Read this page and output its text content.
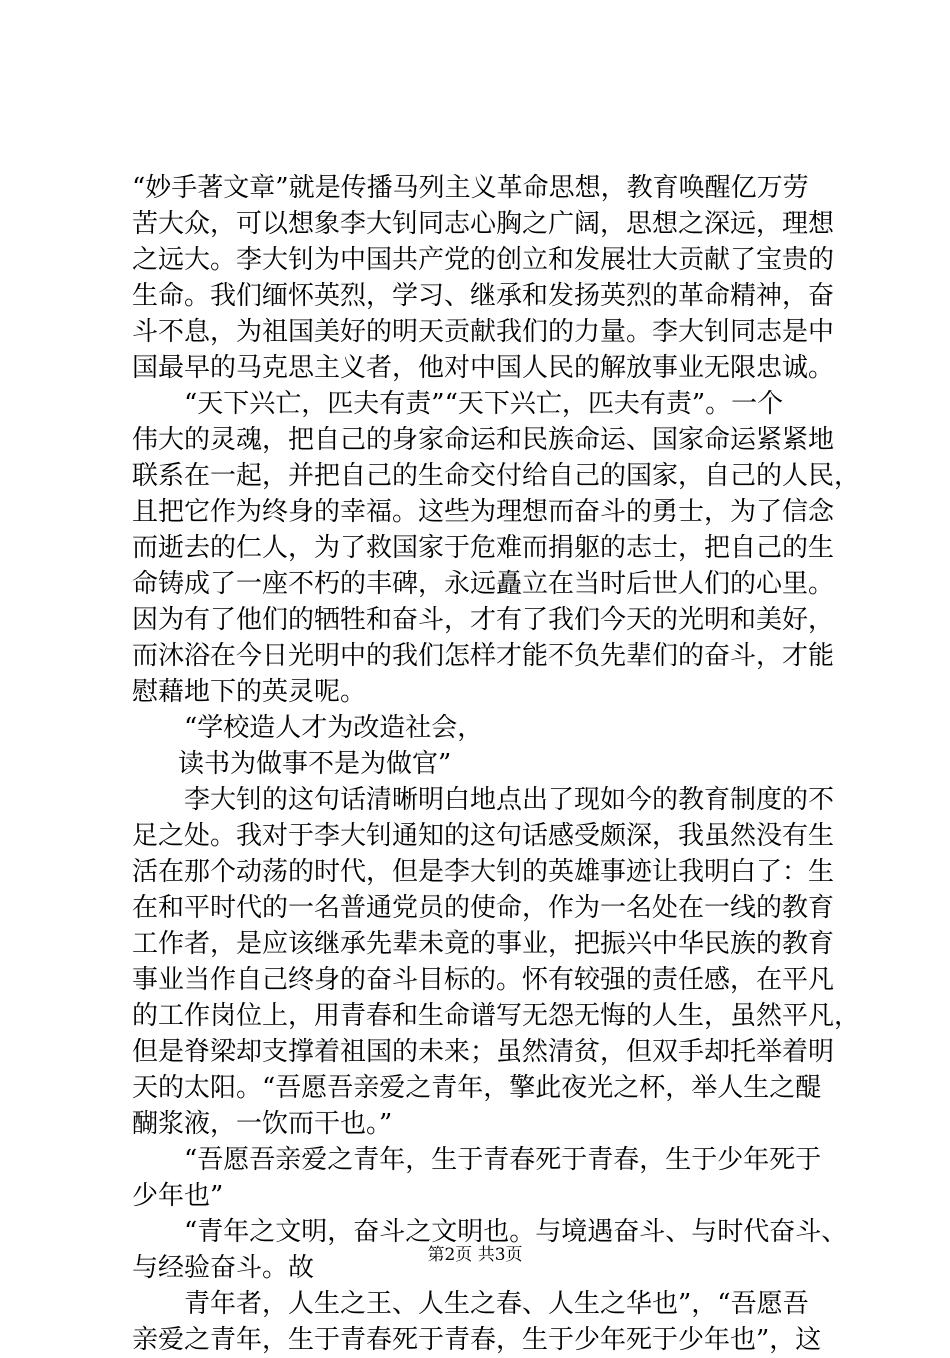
“妙手著文章”就是传播马列主义革命思想，教育唤醒亿万劳
苦大众，可以想象李大钊同志心胸之广阔，思想之深远，理想
之远大。李大钊为中国共产党的创立和发展壮大贡献了宝贵的
生命。我们缅怀英烈，学习、继承和发扬英烈的革命精神，奋
斗不息，为祖国美好的明天贡献我们的力量。李大钊同志是中
国最早的马克思主义者，他对中国人民的解放事业无限忠诚。
“天下兴亡，匹夫有责”“天下兴亡，匹夫有责”。一个
伟大的灵魂，把自己的身家命运和民族命运、国家命运紧紧地
联系在一起，并把自己的生命交付给自己的国家，自己的人民，
且把它作为终身的幸福。这些为理想而奋斗的勇士，为了信念
而逝去的仁人，为了救国家于危难而捐躯的志士，把自己的生
命铸成了一座不朽的丰碑，永远矗立在当时后世人们的心里。
因为有了他们的牺牲和奋斗，才有了我们今天的光明和美好，
而沐浴在今日光明中的我们怎样才能不负先辈们的奋斗，才能
慰藉地下的英灵呢。
“学校造人才为改造社会，
读书为做事不是为做官”
李大钊的这句话清晰明白地点出了现如今的教育制度的不
足之处。我对于李大钊通知的这句话感受颇深，我虽然没有生
活在那个动荡的时代，但是李大钊的英雄事迹让我明白了：生
在和平时代的一名普通党员的使命，作为一名处在一线的教育
工作者，是应该继承先辈未竟的事业，把振兴中华民族的教育
事业当作自己终身的奋斗目标的。怀有较强的责任感，在平凡
的工作岗位上，用青春和生命谱写无怨无悔的人生，虽然平凡，
但是脊梁却支撑着祖国的未来；虽然清贫，但双手却托举着明
天的太阳。“吾愿吾亲爱之青年，擎此夜光之杯，举人生之醍
醐浆液，一饮而干也。”
“吾愿吾亲爱之青年，生于青春死于青春，生于少年死于
少年也”
“青年之文明，奋斗之文明也。与境遇奋斗、与时代奋斗、
与经验奋斗。故
青年者，人生之王、人生之春、人生之华也”，“吾愿吾
亲爱之青年，生于青春死于青春，生于少年死于少年也”，这
第2页 共3页
